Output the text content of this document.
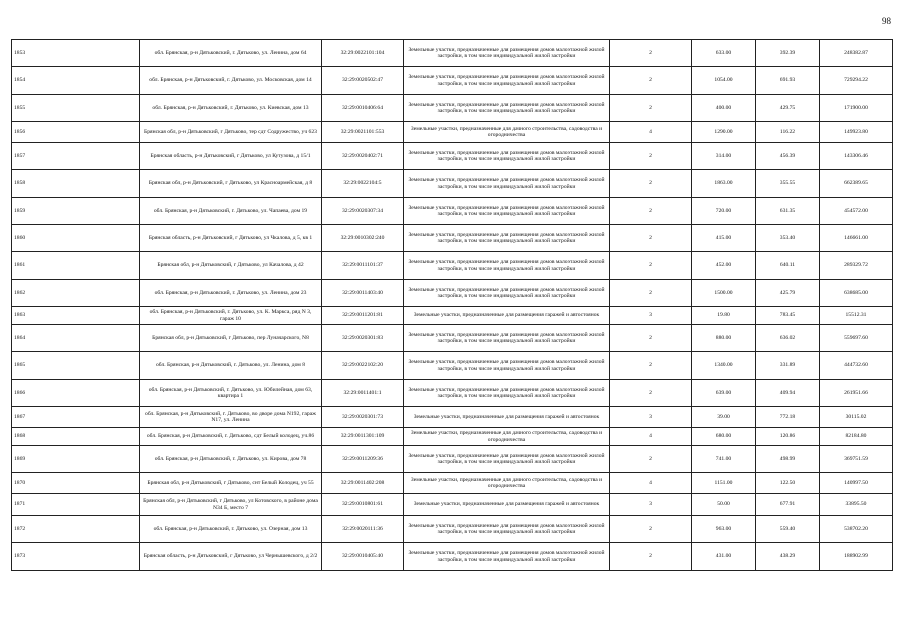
98
1853	обл. Брянская, р-н Дятьковский, г. Дятьково, ул. Ленина, дом 64	32:29:0022101:104	Земельные участки, предназначенные для размещения домов малоэтажной жилой застройки, в том числе индивидуальной жилой застройки	2	633.00	392.39	248382.87
1854	обл. Брянская, р-н Дятьковский, г. Дятьково, ул. Московская, дом 14	32:29:0020502:47	Земельные участки, предназначенные для размещения домов малоэтажной жилой застройки, в том числе индивидуальной жилой застройки	2	1054.00	691.93	729294.22
1855	обл. Брянская, р-н Дятьковский, г. Дятьково, ул. Киевская, дом 13	32:29:0010406:64	Земельные участки, предназначенные для размещения домов малоэтажной жилой застройки, в том числе индивидуальной жилой застройки	2	400.00	429.75	171900.00
1856	Брянская обл, р-н Дятьковский, г Дятьково, тер сдт Содружество, уч 623	32:29:0021101:553	Земельные участки, предназначенные для дачного строительства, садоводства и огородничества	4	1290.00	116.22	149923.80
1857	Брянская область, р-н Дятьковский, г Дятьково, ул Кутузова, д 15/1	32:29:0020402:71	Земельные участки, предназначенные для размещения домов малоэтажной жилой застройки, в том числе индивидуальной жилой застройки	2	314.00	456.39	143306.46
1858	Брянская обл, р-н Дятьковский, г Дятьково, ул Красноармейская, д 8	32:29:0022104:5	Земельные участки, предназначенные для размещения домов малоэтажной жилой застройки, в том числе индивидуальной жилой застройки	2	1863.00	355.55	662389.65
1859	обл. Брянская, р-н Дятьковский, г. Дятьково, ул. Чапаева, дом 19	32:29:0020307:34	Земельные участки, предназначенные для размещения домов малоэтажной жилой застройки, в том числе индивидуальной жилой застройки	2	720.00	631.35	454572.00
1860	Брянская область, р-н Дятьковский, г Дятьково, ул Чкалова, д 5, кв 1	32:29:0010302:240	Земельные участки, предназначенные для размещения домов малоэтажной жилой застройки, в том числе индивидуальной жилой застройки	2	415.00	353.40	146661.00
1861	Брянская обл, р-н Дятьковский, г Дятьково, ул Качалова, д 42	32:29:0011101:37	Земельные участки, предназначенные для размещения домов малоэтажной жилой застройки, в том числе индивидуальной жилой застройки	2	452.00	640.11	289329.72
1862	обл. Брянская, р-н Дятьковский, г. Дятьково, ул. Ленина, дом 23	32:29:0011403:40	Земельные участки, предназначенные для размещения домов малоэтажной жилой застройки, в том числе индивидуальной жилой застройки	2	1500.00	425.79	638685.00
1863	обл. Брянская, р-н Дятьковский, г. Дятьково, ул. К. Маркса, ряд N 3, гараж 10	32:29:0011201:81	Земельные участки, предназначенные для размещения гаражей и автостоянок	3	19.80	783.45	15512.31
1864	Брянская обл, р-н Дятьковский, г Дятьково, пер Луначарского, N8	32:29:0020301:83	Земельные участки, предназначенные для размещения домов малоэтажной жилой застройки, в том числе индивидуальной жилой застройки	2	880.00	636.02	559697.60
1865	обл. Брянская, р-н Дятьковский, г. Дятьково, ул. Ленина, дом 8	32:29:0022102:20	Земельные участки, предназначенные для размещения домов малоэтажной жилой застройки, в том числе индивидуальной жилой застройки	2	1340.00	331.89	444732.60
1866	обл. Брянская, р-н Дятьковский, г. Дятьково, ул. Юбилейная, дом 63, квартира 1	32:29:0011401:1	Земельные участки, предназначенные для размещения домов малоэтажной жилой застройки, в том числе индивидуальной жилой застройки	2	639.00	409.94	261951.66
1867	обл. Брянская, р-н Дятьковский, г. Дятьково, во дворе дома N192, гараж N17, ул. Ленина	32:29:0020301:73	Земельные участки, предназначенные для размещения гаражей и автостоянок	3	39.00	772.18	30115.02
1868	обл. Брянская, р-н Дятьковский, г. Дятьково, сдт Белый колодец, уч.86	32:29:0011301:109	Земельные участки, предназначенные для дачного строительства, садоводства и огородничества	4	680.00	120.86	82184.80
1869	обл. Брянская, р-н Дятьковский, г. Дятьково, ул. Кирова, дом 78	32:29:0011209:36	Земельные участки, предназначенные для размещения домов малоэтажной жилой застройки, в том числе индивидуальной жилой застройки	2	741.00	498.99	369751.59
1870	Брянская обл, р-н Дятьковский, г Дятьково, снт Белый Колодец, уч 55	32:29:0011402:208	Земельные участки, предназначенные для дачного строительства, садоводства и огородничества	4	1151.00	122.50	140997.50
1871	Брянская обл, р-н Дятьковский, г Дятьково, ул Котовского, в районе дома N34 Б, место 7	32:29:0010801:61	Земельные участки, предназначенные для размещения гаражей и автостоянок	3	50.00	677.91	33895.50
1872	обл. Брянская, р-н Дятьковский, г. Дятьково, ул. Озерная, дом 13	32:29:0020111:36	Земельные участки, предназначенные для размещения домов малоэтажной жилой застройки, в том числе индивидуальной жилой застройки	2	963.00	559.40	538702.20
1873	Брянская область, р-н Дятьковский, г Дятьково, ул Чернышевского, д 2/2	32:29:0010405:40	Земельные участки, предназначенные для размещения домов малоэтажной жилой застройки, в том числе индивидуальной жилой застройки	2	431.00	438.29	188902.99
